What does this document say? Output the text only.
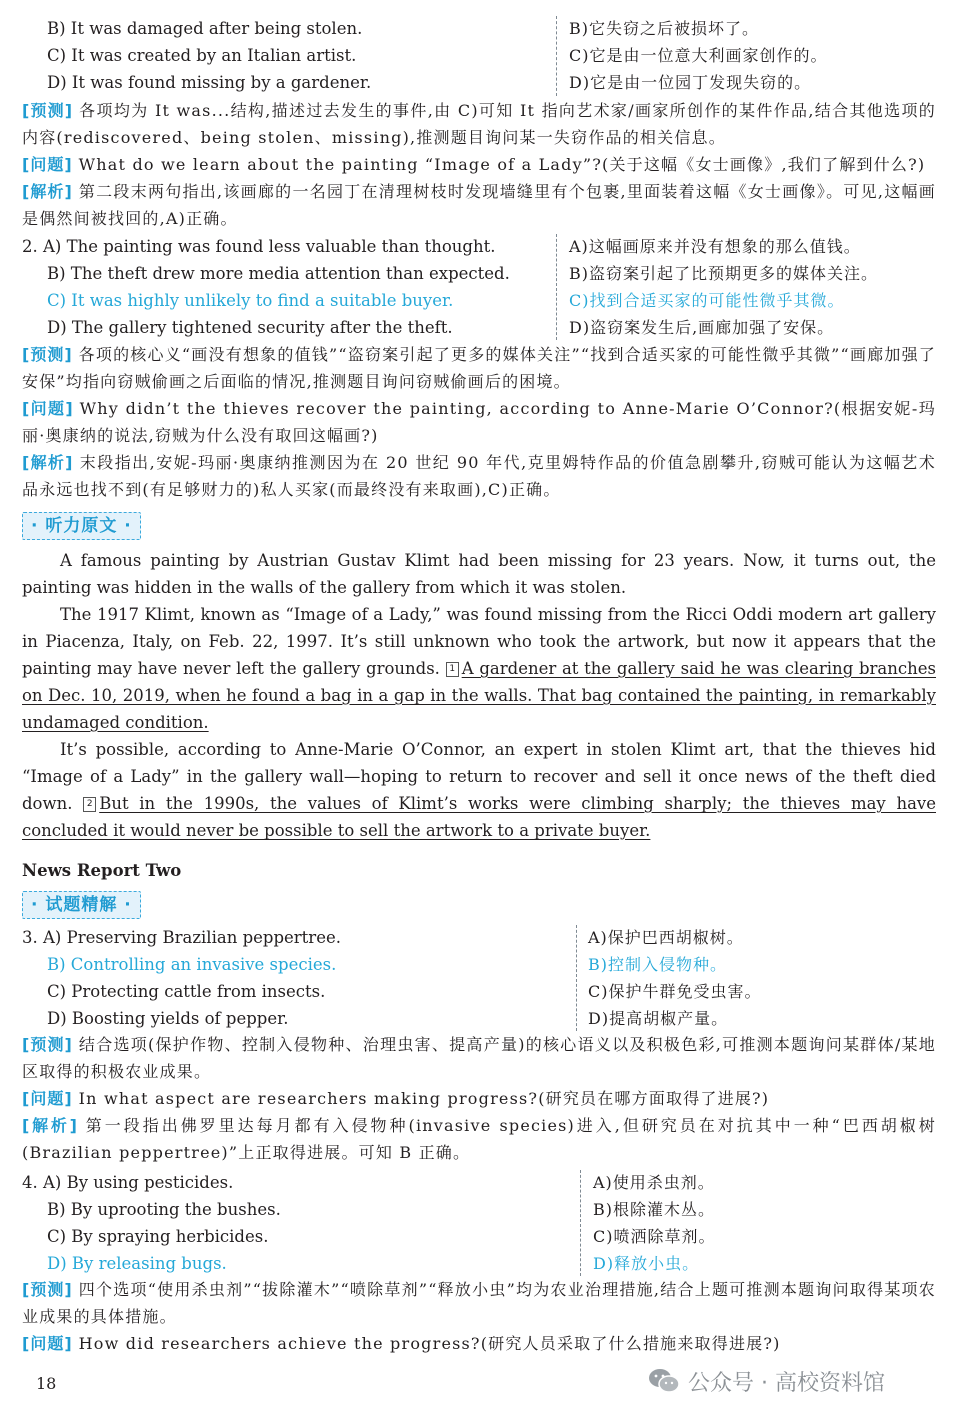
B) It was damaged after being stolen.	B)它失窃之后被损坏了。
C) It was created by an Italian artist.	C)它是由一位意大利画家创作的。
D) It was found missing by a gardener.	D)它是由一位园丁发现失窃的。
[预测] 各项均为 It was...结构,描述过去发生的事件,由 C)可知 It 指向艺术家/画家所创作的某件作品,结合其他选项的内容(rediscovered、being stolen、missing),推测题目询问某一失窃作品的相关信息。
[问题] What do we learn about the painting “Image of a Lady”?(关于这幅《女士画像》,我们了解到什么?)
[解析] 第二段末两句指出,该画廊的一名园丁在清理树枝时发现墙缝里有个包裹,里面装着这幅《女士画像》。可见,这幅画是偶然间被找回的,A)正确。
2. A) The painting was found less valuable than thought.	A)这幅画原来并没有想象的那么值钱。
B) The theft drew more media attention than expected.	B)盗窃案引起了比预期更多的媒体关注。
C) It was highly unlikely to find a suitable buyer.	C)找到合适买家的可能性微乎其微。
D) The gallery tightened security after the theft.	D)盗窃案发生后,画廊加强了安保。
[预测] 各项的核心义“画没有想象的值钱”“盗窃案引起了更多的媒体关注”“找到合适买家的可能性微乎其微”“画廊加强了安保”均指向窃贼偷画之后面临的情况,推测题目询问窃贼偷画后的困境。
[问题] Why didn’t the thieves recover the painting, according to Anne-Marie O’Connor?(根据安妮-玛丽·奥康纳的说法,窃贼为什么没有取回这幅画?)
[解析] 末段指出,安妮-玛丽·奥康纳推测因为在 20 世纪 90 年代,克里姆特作品的价值急剧攀升,窃贼可能认为这幅艺术品永远也找不到(有足够财力的)私人买家(而最终没有来取画),C)正确。
· 听力原文 ·

A famous painting by Austrian Gustav Klimt had been missing for 23 years. Now, it turns out, the painting was hidden in the walls of the gallery from which it was stolen.

The 1917 Klimt, known as “Image of a Lady,” was found missing from the Ricci Oddi modern art gallery in Piacenza, Italy, on Feb. 22, 1997. It’s still unknown who took the artwork, but now it appears that the painting may have never left the gallery grounds. 1 A gardener at the gallery said he was clearing branches on Dec. 10, 2019, when he found a bag in a gap in the walls. That bag contained the painting, in remarkably undamaged condition.

It’s possible, according to Anne-Marie O’Connor, an expert in stolen Klimt art, that the thieves hid “Image of a Lady” in the gallery wall—hoping to return to recover and sell it once news of the theft died down. 2 But in the 1990s, the values of Klimt’s works were climbing sharply; the thieves may have concluded it would never be possible to sell the artwork to a private buyer.

News Report Two
· 试题精解 ·
3. A) Preserving Brazilian peppertree.	A)保护巴西胡椒树。
B) Controlling an invasive species.	B)控制入侵物种。
C) Protecting cattle from insects.	C)保护牛群免受虫害。
D) Boosting yields of pepper.	D)提高胡椒产量。
[预测] 结合选项(保护作物、控制入侵物种、治理虫害、提高产量)的核心语义以及积极色彩,可推测本题询问某群体/某地区取得的积极农业成果。
[问题] In what aspect are researchers making progress?(研究员在哪方面取得了进展?)
[解析] 第一段指出佛罗里达每月都有入侵物种(invasive species)进入,但研究员在对抗其中一种“巴西胡椒树(Brazilian peppertree)”上正取得进展。可知 B 正确。
4. A) By using pesticides.	A)使用杀虫剂。
B) By uprooting the bushes.	B)根除灌木丛。
C) By spraying herbicides.	C)喷洒除草剂。
D) By releasing bugs.	D)释放小虫。
[预测] 四个选项“使用杀虫剂”“拔除灌木”“喷除草剂”“释放小虫”均为农业治理措施,结合上题可推测本题询问取得某项农业成果的具体措施。
[问题] How did researchers achieve the progress?(研究人员采取了什么措施来取得进展?)
18	公众号 · 高校资料馆
